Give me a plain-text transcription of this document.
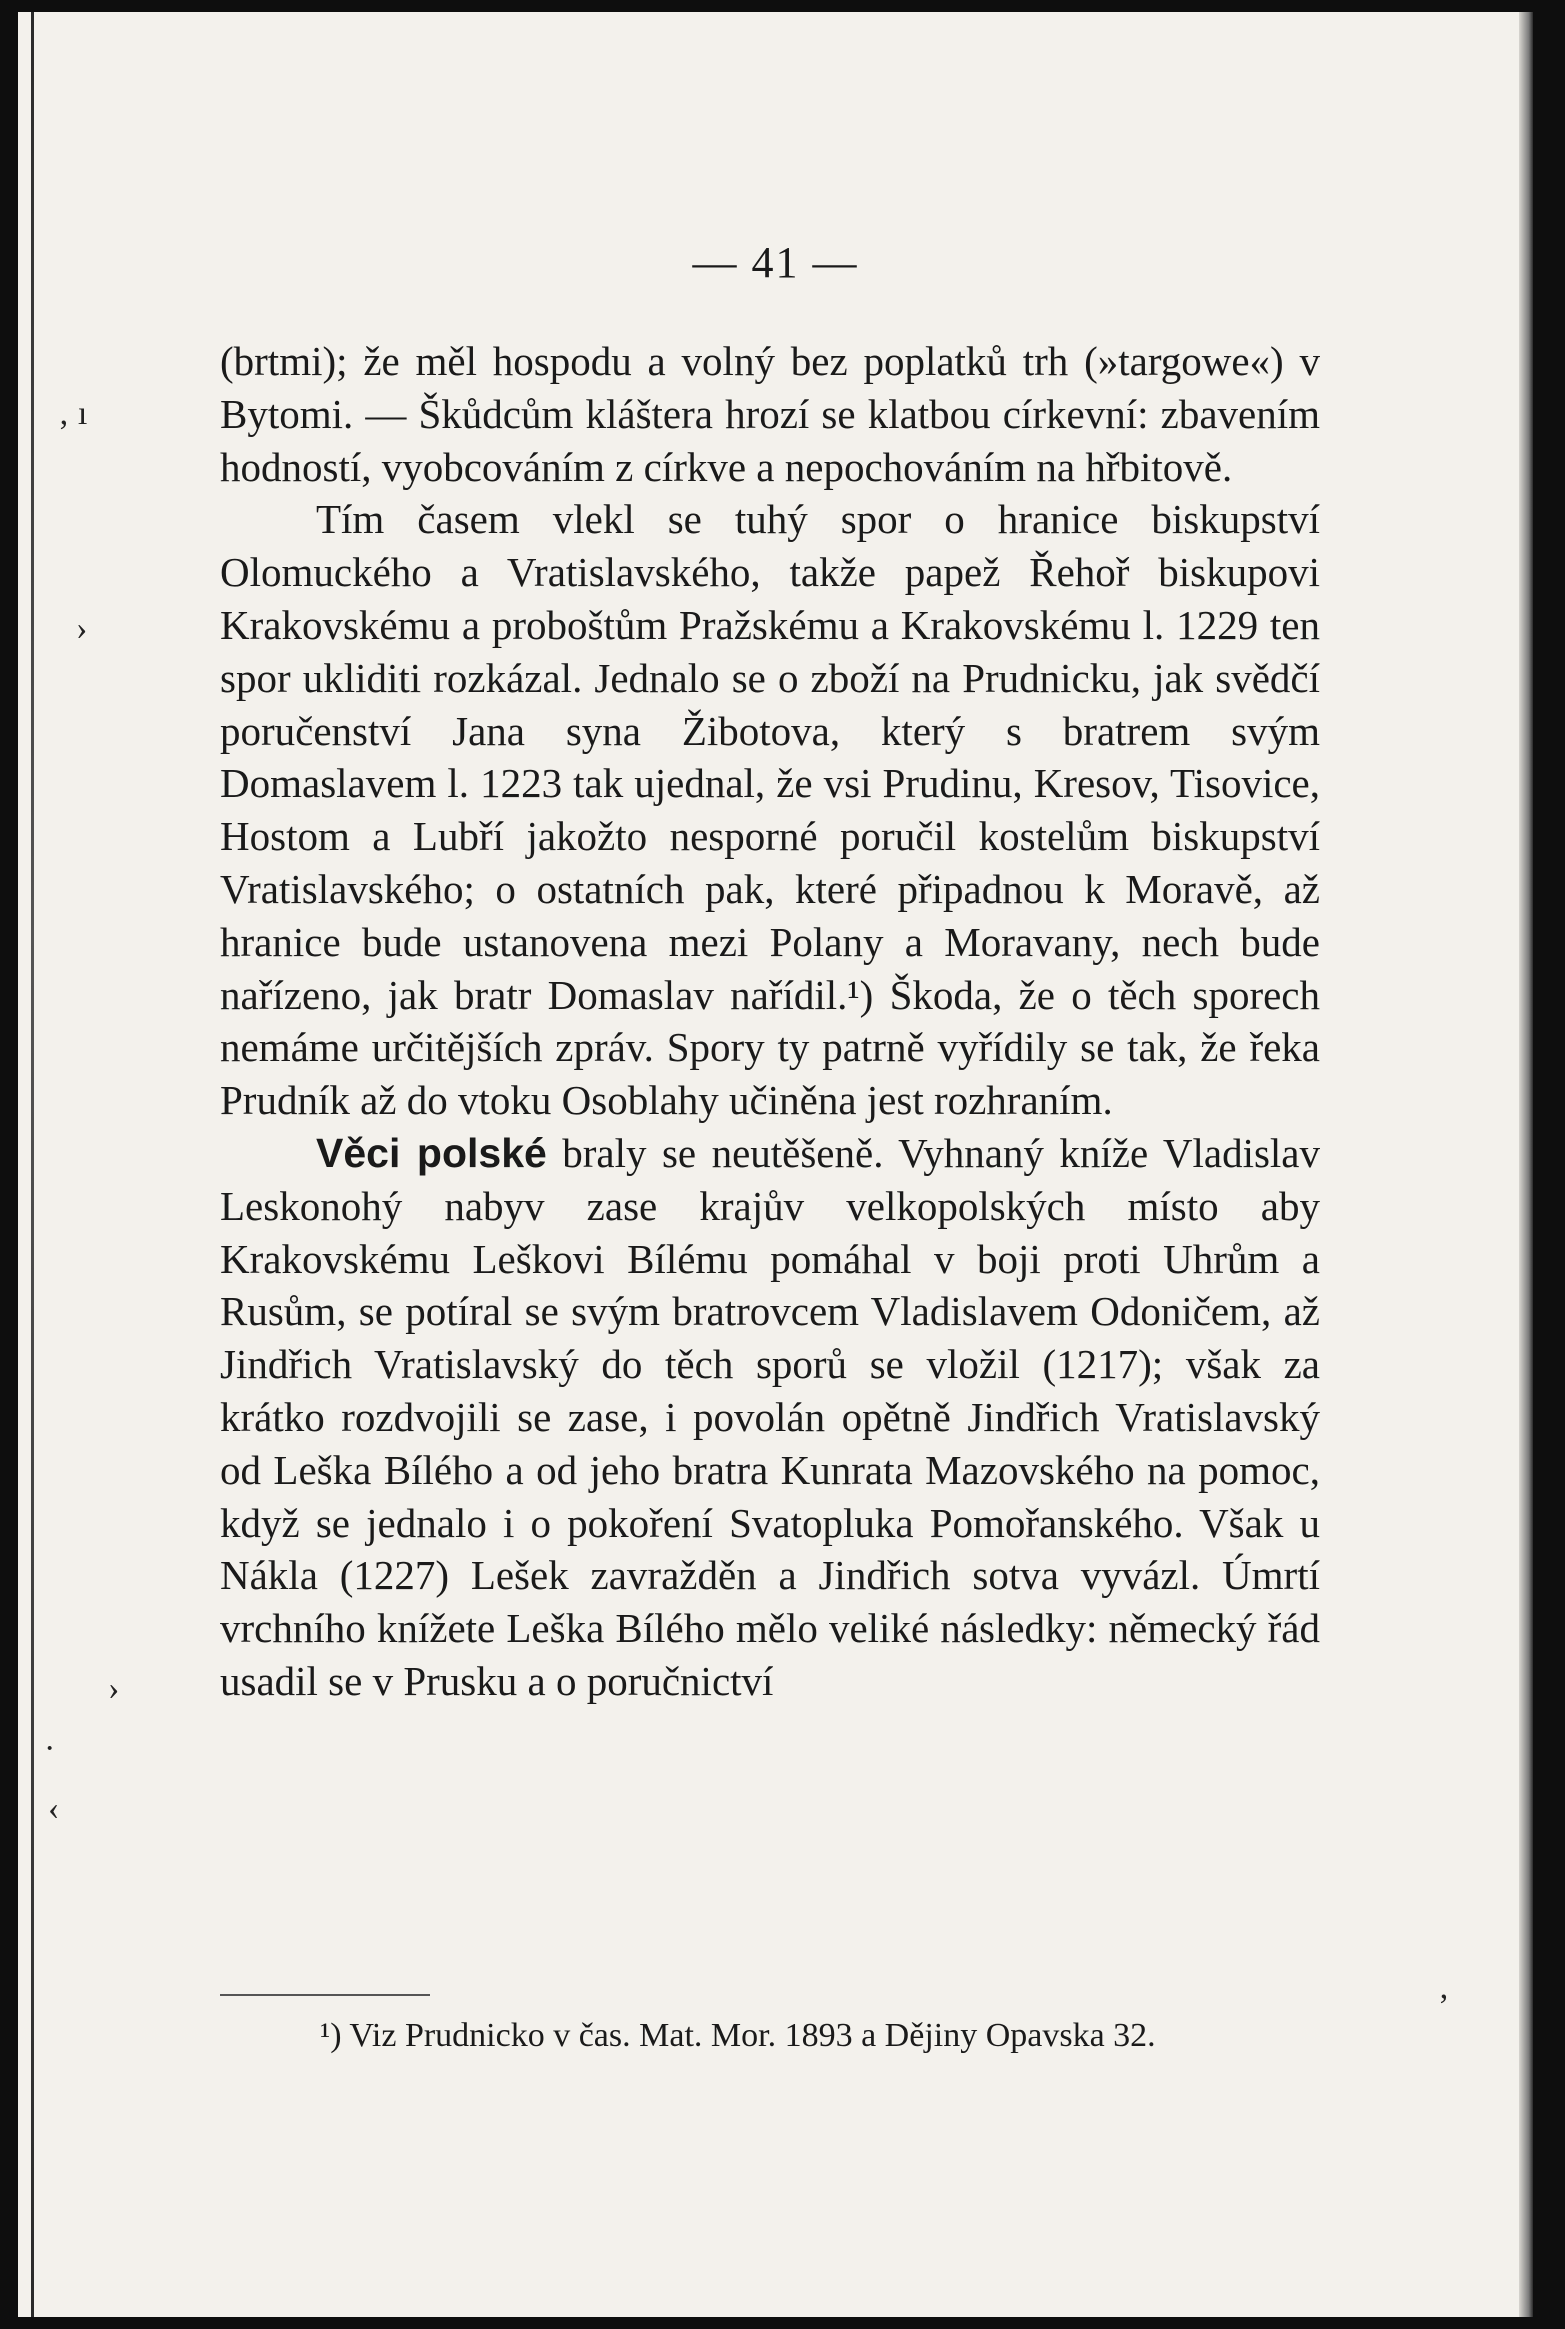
‚ ı
›
›
·
‹
ʼ
— 41 —

(brtmi); že měl hospodu a volný bez poplatků trh (»targowe«) v Bytomi. — Škůdcům kláštera hrozí se klatbou církevní: zbavením hodností, vyobcováním z církve a nepochováním na hřbitově.

Tím časem vlekl se tuhý spor o hranice biskupství Olomuckého a Vratislavského, takže papež Řehoř biskupovi Krakovskému a proboštům Pražskému a Krakovskému l. 1229 ten spor ukliditi rozkázal. Jednalo se o zboží na Prudnicku, jak svědčí poručenství Jana syna Žibotova, který s bratrem svým Domaslavem l. 1223 tak ujednal, že vsi Prudinu, Kresov, Tisovice, Hostom a Lubří jakožto nesporné poručil kostelům biskupství Vratislavského; o ostatních pak, které připadnou k Moravě, až hranice bude ustanovena mezi Polany a Moravany, nech bude nařízeno, jak bratr Domaslav nařídil.¹) Škoda, že o těch sporech nemáme určitějších zpráv. Spory ty patrně vyřídily se tak, že řeka Prudník až do vtoku Osoblahy učiněna jest rozhraním.

Věci polské braly se neutěšeně. Vyhnaný kníže Vladislav Leskonohý nabyv zase krajův velkopolských místo aby Krakovskému Leškovi Bílému pomáhal v boji proti Uhrům a Rusům, se potíral se svým bratrovcem Vladislavem Odoničem, až Jindřich Vratislavský do těch sporů se vložil (1217); však za krátko rozdvojili se zase, i povolán opětně Jindřich Vratislavský od Leška Bílého a od jeho bratra Kunrata Mazovského na pomoc, když se jednalo i o pokoření Svatopluka Pomořanského. Však u Nákla (1227) Lešek zavražděn a Jindřich sotva vyvázl. Úmrtí vrchního knížete Leška Bílého mělo veliké následky: německý řád usadil se v Prusku a o poručnictví

¹) Viz Prudnicko v čas. Mat. Mor. 1893 a Dějiny Opavska 32.
